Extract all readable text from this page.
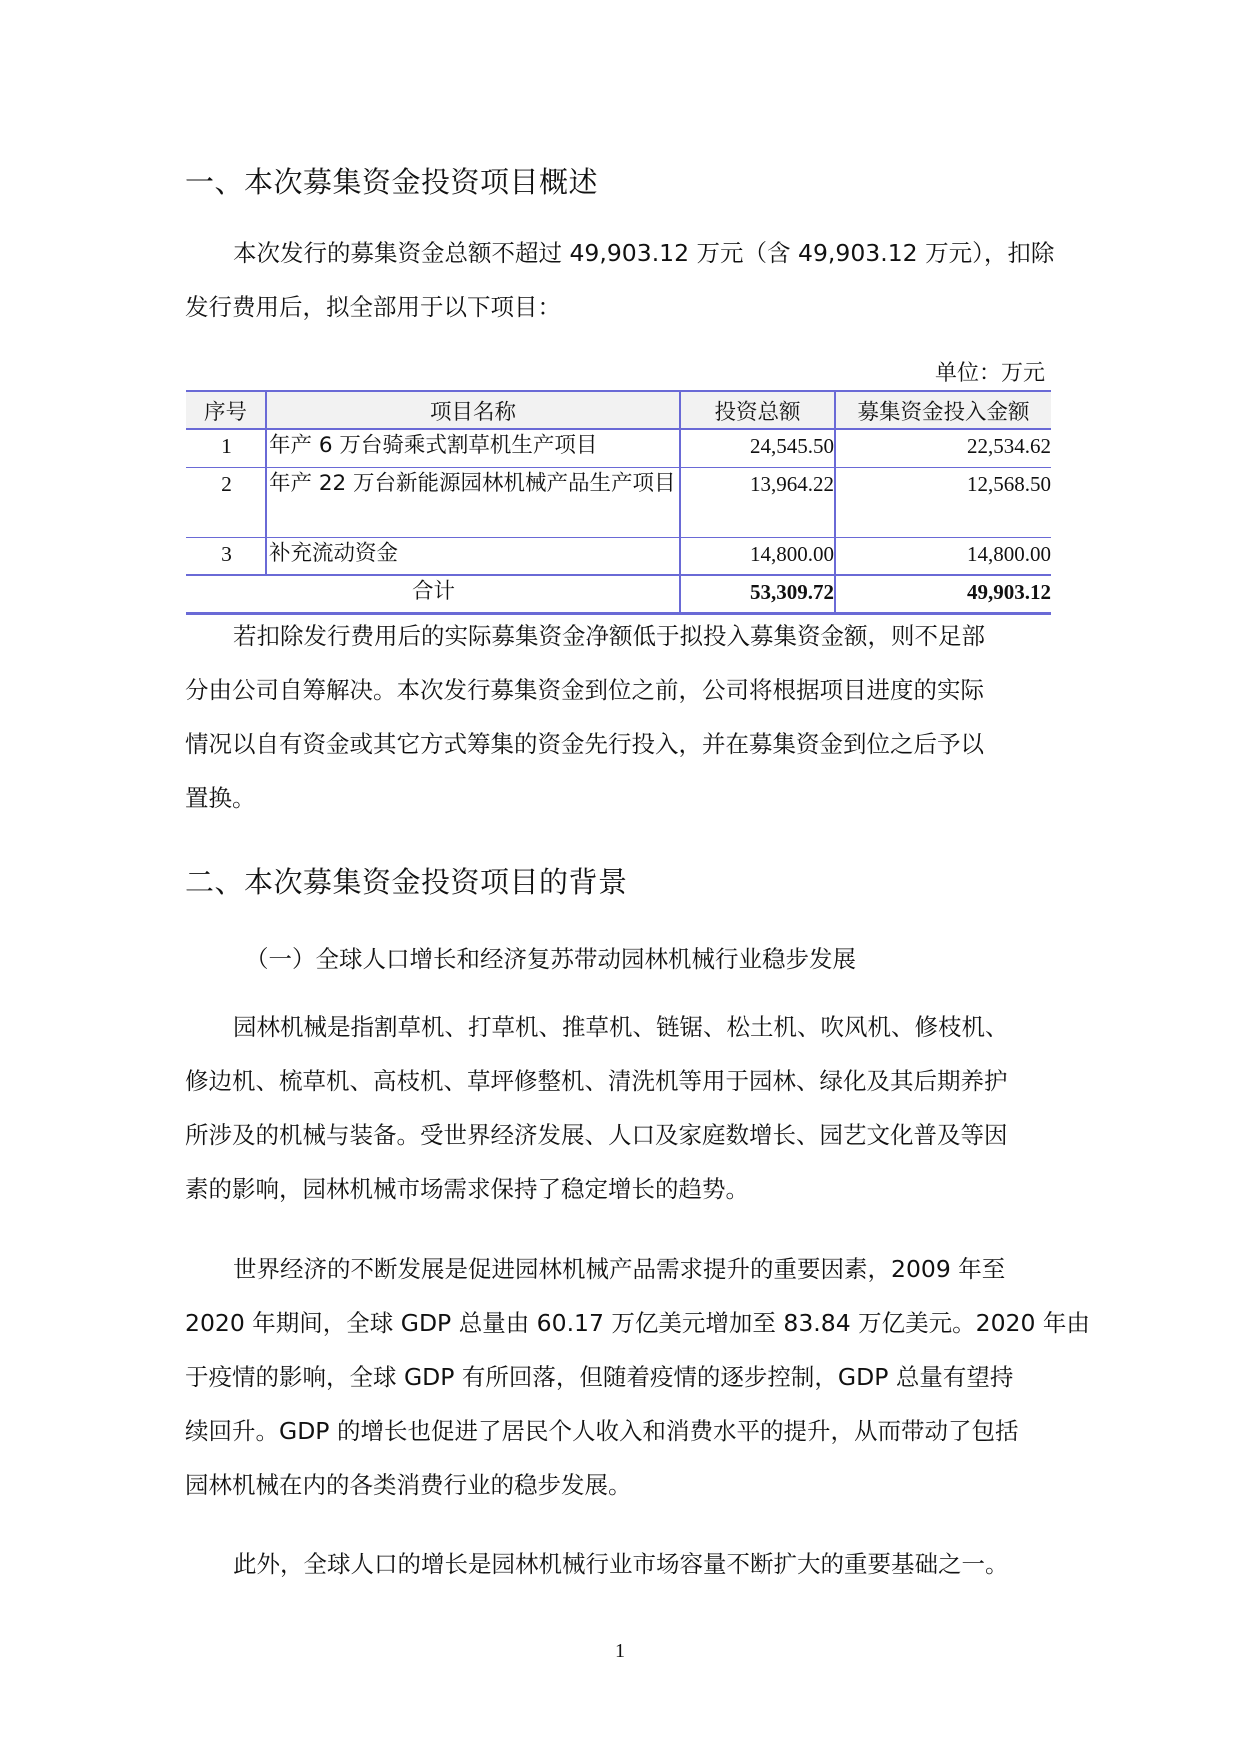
一、本次募集资金投资项目概述
本次发行的募集资金总额不超过 49,903.12 万元（含 49,903.12 万元），扣除
发行费用后，拟全部用于以下项目：
单位：万元
序号	项目名称	投资总额	募集资金投入金额
1	年产 6 万台骑乘式割草机生产项目	24,545.50	22,534.62
2	年产 22 万台新能源园林机械产品生产项目	13,964.22	12,568.50
3	补充流动资金	14,800.00	14,800.00
合计		53,309.72	49,903.12
若扣除发行费用后的实际募集资金净额低于拟投入募集资金额，则不足部
分由公司自筹解决。本次发行募集资金到位之前，公司将根据项目进度的实际
情况以自有资金或其它方式筹集的资金先行投入，并在募集资金到位之后予以
置换。
二、本次募集资金投资项目的背景
（一）全球人口增长和经济复苏带动园林机械行业稳步发展
园林机械是指割草机、打草机、推草机、链锯、松土机、吹风机、修枝机、
修边机、梳草机、高枝机、草坪修整机、清洗机等用于园林、绿化及其后期养护
所涉及的机械与装备。受世界经济发展、人口及家庭数增长、园艺文化普及等因
素的影响，园林机械市场需求保持了稳定增长的趋势。
世界经济的不断发展是促进园林机械产品需求提升的重要因素，2009 年至
2020 年期间，全球 GDP 总量由 60.17 万亿美元增加至 83.84 万亿美元。2020 年由
于疫情的影响，全球 GDP 有所回落，但随着疫情的逐步控制，GDP 总量有望持
续回升。GDP 的增长也促进了居民个人收入和消费水平的提升，从而带动了包括
园林机械在内的各类消费行业的稳步发展。
此外，全球人口的增长是园林机械行业市场容量不断扩大的重要基础之一。
1
